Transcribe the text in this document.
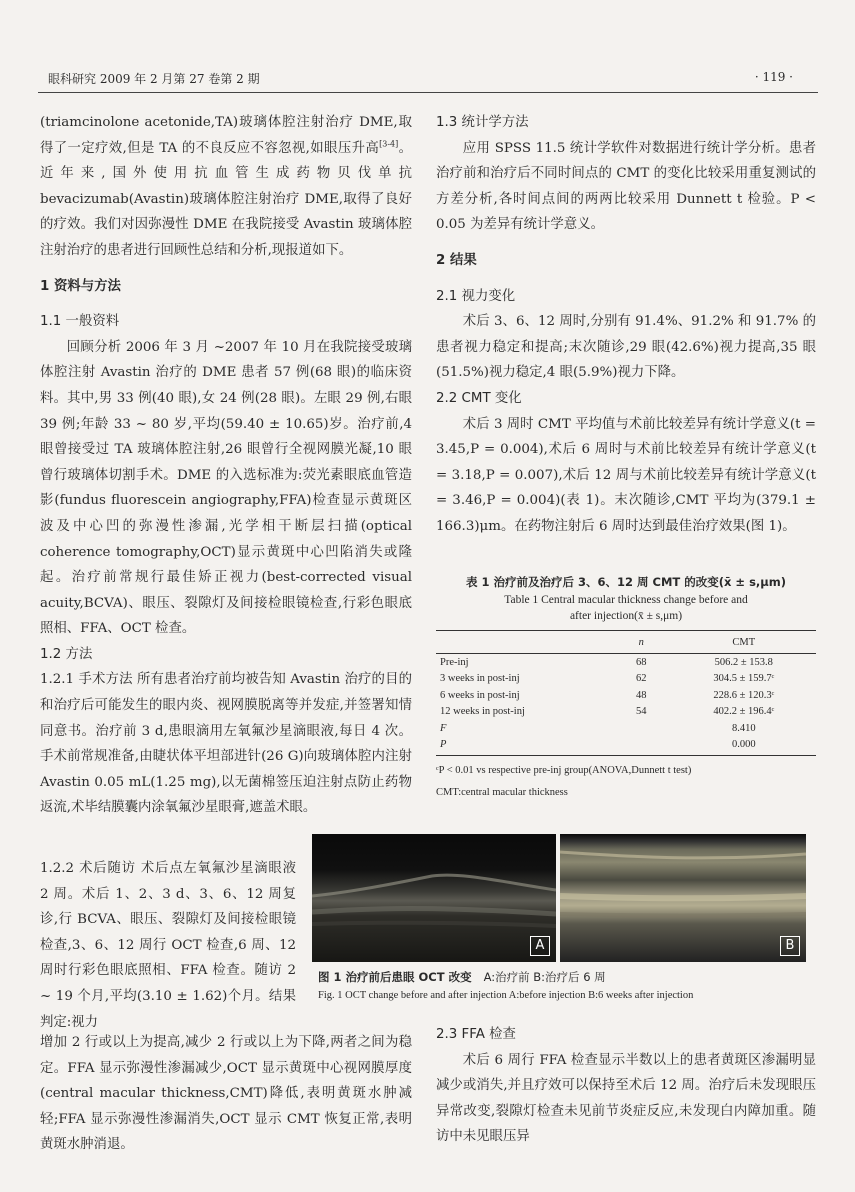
眼科研究 2009 年 2 月第 27 卷第 2 期	· 119 ·

(triamcinolone acetonide,TA)玻璃体腔注射治疗 DME,取得了一定疗效,但是 TA 的不良反应不容忽视,如眼压升高[3-4]。近年来,国外使用抗血管生成药物贝伐单抗 bevacizumab(Avastin)玻璃体腔注射治疗 DME,取得了良好的疗效。我们对因弥漫性 DME 在我院接受 Avastin 玻璃体腔注射治疗的患者进行回顾性总结和分析,现报道如下。

1 资料与方法

1.1 一般资料

回顾分析 2006 年 3 月 ~2007 年 10 月在我院接受玻璃体腔注射 Avastin 治疗的 DME 患者 57 例(68 眼)的临床资料。其中,男 33 例(40 眼),女 24 例(28 眼)。左眼 29 例,右眼 39 例;年龄 33 ~ 80 岁,平均(59.40 ± 10.65)岁。治疗前,4 眼曾接受过 TA 玻璃体腔注射,26 眼曾行全视网膜光凝,10 眼曾行玻璃体切割手术。DME 的入选标准为:荧光素眼底血管造影(fundus fluorescein angiography,FFA)检查显示黄斑区波及中心凹的弥漫性渗漏,光学相干断层扫描(optical coherence tomography,OCT)显示黄斑中心凹陷消失或隆起。治疗前常规行最佳矫正视力(best-corrected visual acuity,BCVA)、眼压、裂隙灯及间接检眼镜检查,行彩色眼底照相、FFA、OCT 检查。

1.2 方法

1.2.1 手术方法 所有患者治疗前均被告知 Avastin 治疗的目的和治疗后可能发生的眼内炎、视网膜脱离等并发症,并签署知情同意书。治疗前 3 d,患眼滴用左氧氟沙星滴眼液,每日 4 次。手术前常规准备,由睫状体平坦部进针(26 G)向玻璃体腔内注射 Avastin 0.05 mL(1.25 mg),以无菌棉签压迫注射点防止药物返流,术毕结膜囊内涂氧氟沙星眼膏,遮盖术眼。

1.2.2 术后随访 术后点左氧氟沙星滴眼液 2 周。术后 1、2、3 d、3、6、12 周复诊,行 BCVA、眼压、裂隙灯及间接检眼镜检查,3、6、12 周行 OCT 检查,6 周、12 周时行彩色眼底照相、FFA 检查。随访 2 ~ 19 个月,平均(3.10 ± 1.62)个月。结果判定:视力

增加 2 行或以上为提高,减少 2 行或以上为下降,两者之间为稳定。FFA 显示弥漫性渗漏减少,OCT 显示黄斑中心视网膜厚度(central macular thickness,CMT)降低,表明黄斑水肿减轻;FFA 显示弥漫性渗漏消失,OCT 显示 CMT 恢复正常,表明黄斑水肿消退。

1.3 统计学方法

应用 SPSS 11.5 统计学软件对数据进行统计学分析。患者治疗前和治疗后不同时间点的 CMT 的变化比较采用重复测试的方差分析,各时间点间的两两比较采用 Dunnett t 检验。P < 0.05 为差异有统计学意义。

2 结果

2.1 视力变化

术后 3、6、12 周时,分别有 91.4%、91.2% 和 91.7% 的患者视力稳定和提高;末次随诊,29 眼(42.6%)视力提高,35 眼(51.5%)视力稳定,4 眼(5.9%)视力下降。

2.2 CMT 变化

术后 3 周时 CMT 平均值与术前比较差异有统计学意义(t = 3.45,P = 0.004),术后 6 周时与术前比较差异有统计学意义(t = 3.18,P = 0.007),术后 12 周与术前比较差异有统计学意义(t = 3.46,P = 0.004)(表 1)。末次随诊,CMT 平均为(379.1 ± 166.3)μm。在药物注射后 6 周时达到最佳治疗效果(图 1)。

表 1 治疗前及治疗后 3、6、12 周 CMT 的改变(x̄ ± s,μm)
Table 1 Central macular thickness change before and
after injection(x̄ ± s,μm)
	n	CMT

Pre-inj	68	506.2 ± 153.8
3 weeks in post-inj	62	304.5 ± 159.7ᶜ
6 weeks in post-inj	48	228.6 ± 120.3ᶜ
12 weeks in post-inj	54	402.2 ± 196.4ᶜ
F		8.410
P		0.000
ᶜP < 0.01 vs respective pre-inj group(ANOVA,Dunnett t test)
CMT:central macular thickness
A	B
图 1 治疗前后患眼 OCT 改变 A:治疗前 B:治疗后 6 周
Fig. 1 OCT change before and after injection A:before injection B:6 weeks after injection

2.3 FFA 检查

术后 6 周行 FFA 检查显示半数以上的患者黄斑区渗漏明显减少或消失,并且疗效可以保持至术后 12 周。治疗后未发现眼压异常改变,裂隙灯检查未见前节炎症反应,未发现白内障加重。随访中未见眼压异
